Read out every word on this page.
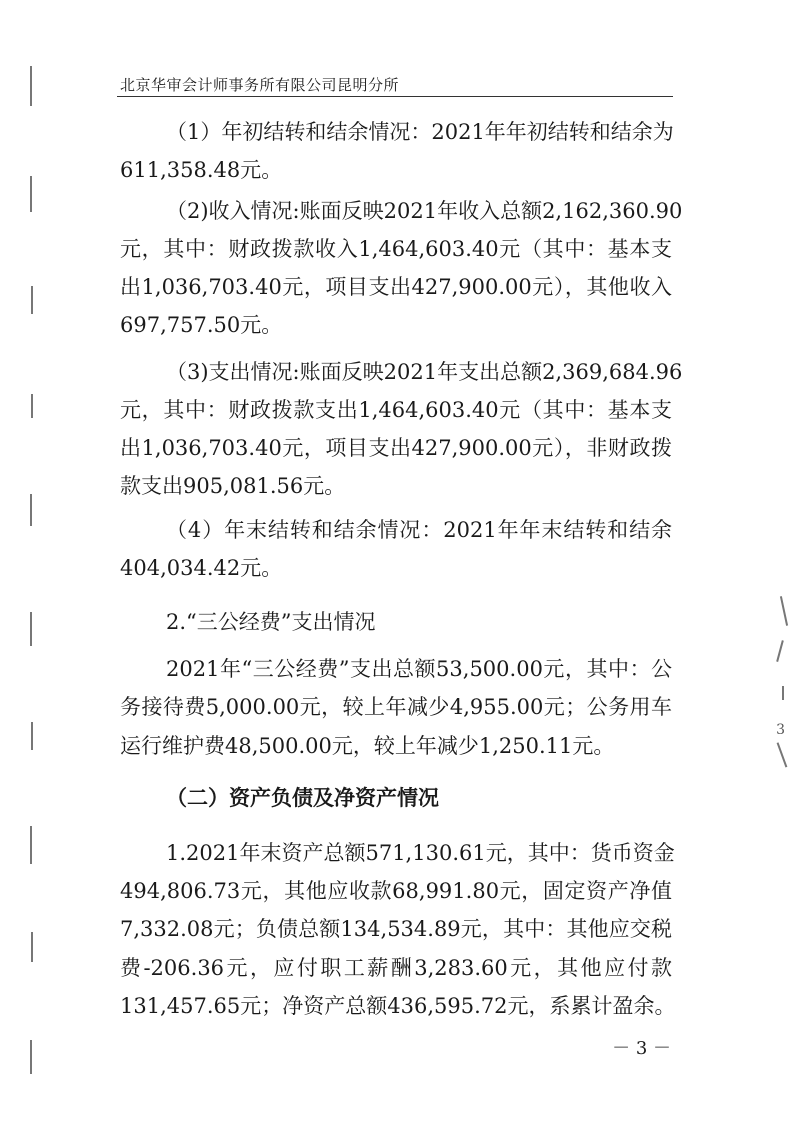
北京华审会计师事务所有限公司昆明分所
（1）年初结转和结余情况：2021年年初结转和结余为
611,358.48元。
（2)收入情况:账面反映2021年收入总额2,162,360.90
元，其中：财政拨款收入1,464,603.40元（其中：基本支
出1,036,703.40元，项目支出427,900.00元），其他收入
697,757.50元。
（3)支出情况:账面反映2021年支出总额2,369,684.96
元，其中：财政拨款支出1,464,603.40元（其中：基本支
出1,036,703.40元，项目支出427,900.00元），非财政拨
款支出905,081.56元。
（4）年末结转和结余情况：2021年年末结转和结余
404,034.42元。
2.“三公经费”支出情况
2021年“三公经费”支出总额53,500.00元，其中：公
务接待费5,000.00元，较上年减少4,955.00元；公务用车
运行维护费48,500.00元，较上年减少1,250.11元。
（二）资产负债及净资产情况
1.2021年末资产总额571,130.61元，其中：货币资金
494,806.73元，其他应收款68,991.80元，固定资产净值
7,332.08元；负债总额134,534.89元，其中：其他应交税
费-206.36元，应付职工薪酬3,283.60元，其他应付款
131,457.65元；净资产总额436,595.72元，系累计盈余。
－ 3 －
3
